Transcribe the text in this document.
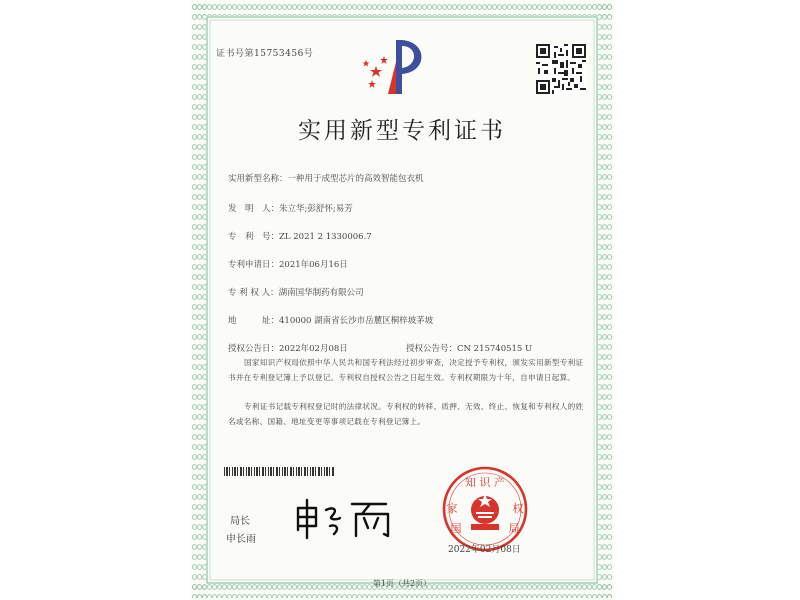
证书号第15753456号
实用新型专利证书
实用新型名称：一种用于成型芯片的高效智能包衣机
发　明　人：朱立华;彭舒怀;易芳
专　利　号：ZL 2021 2 1330006.7
专利申请日：2021年06月16日
专 利 权 人：湖南国华制药有限公司
地　　　址：410000 湖南省长沙市岳麓区桐梓坡茅坡
授权公告日：2022年02月08日	授权公告号：CN 215740515 U
国家知识产权局依照中华人民共和国专利法经过初步审查，决定授予专利权，颁发实用新型专利证书并在专利登记簿上予以登记。专利权自授权公告之日起生效。专利权期限为十年，自申请日起算。
专利证书记载专利权登记时的法律状况。专利权的转移、质押、无效、终止、恢复和专利权人的姓名或名称、国籍、地址变更等事项记载在专利登记簿上。
局长
申长雨
知 识 产
家	权
国	局
2022年02月08日
第1页（共2页）
